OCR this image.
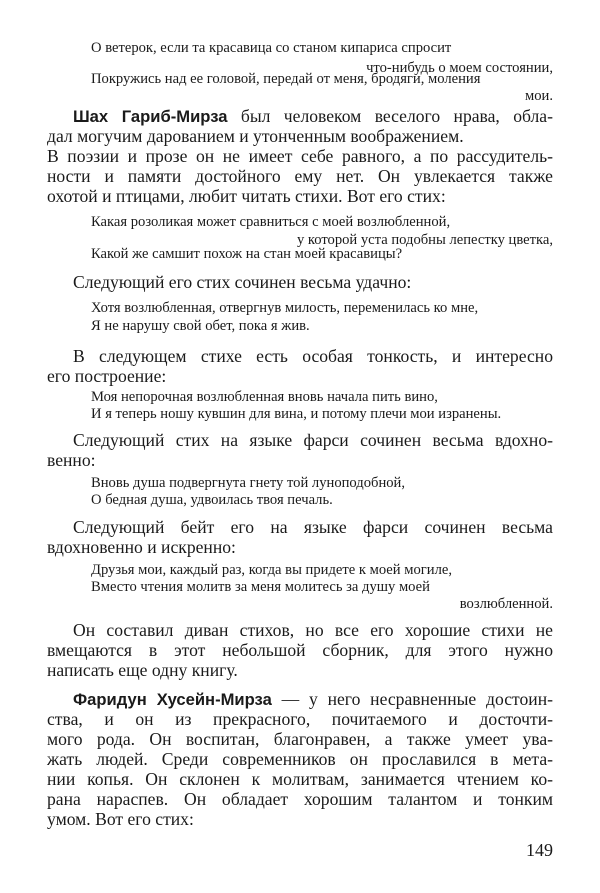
О ветерок, если та красавица со станом кипариса спросит

что-нибудь о моем состоянии,

Покружись над ее головой, передай от меня, бродяги, моления

мои.

Шах Гариб-Мирза был человеком веселого нрава, обла-

дал могучим дарованием и утонченным воображением.

В поэзии и прозе он не имеет себе равного, а по рассудитель-

ности и памяти достойного ему нет. Он увлекается также

охотой и птицами, любит читать стихи. Вот его стих:

Какая розоликая может сравниться с моей возлюбленной,

у которой уста подобны лепестку цветка,

Какой же самшит похож на стан моей красавицы?

Следующий его стих сочинен весьма удачно:

Хотя возлюбленная, отвергнув милость, переменилась ко мне,

Я не нарушу свой обет, пока я жив.

В следующем стихе есть особая тонкость, и интересно

его построение:

Моя непорочная возлюбленная вновь начала пить вино,

И я теперь ношу кувшин для вина, и потому плечи мои изранены.

Следующий стих на языке фарси сочинен весьма вдохно-

венно:

Вновь душа подвергнута гнету той луноподобной,

О бедная душа, удвоилась твоя печаль.

Следующий бейт его на языке фарси сочинен весьма

вдохновенно и искренно:

Друзья мои, каждый раз, когда вы придете к моей могиле,

Вместо чтения молитв за меня молитесь за душу моей

возлюбленной.

Он составил диван стихов, но все его хорошие стихи не

вмещаются в этот небольшой сборник, для этого нужно

написать еще одну книгу.

Фаридун Хусейн-Мирза — у него несравненные достоин-

ства, и он из прекрасного, почитаемого и досточти-

мого рода. Он воспитан, благонравен, а также умеет ува-

жать людей. Среди современников он прославился в мета-

нии копья. Он склонен к молитвам, занимается чтением ко-

рана нараспев. Он обладает хорошим талантом и тонким

умом. Вот его стих:

149
